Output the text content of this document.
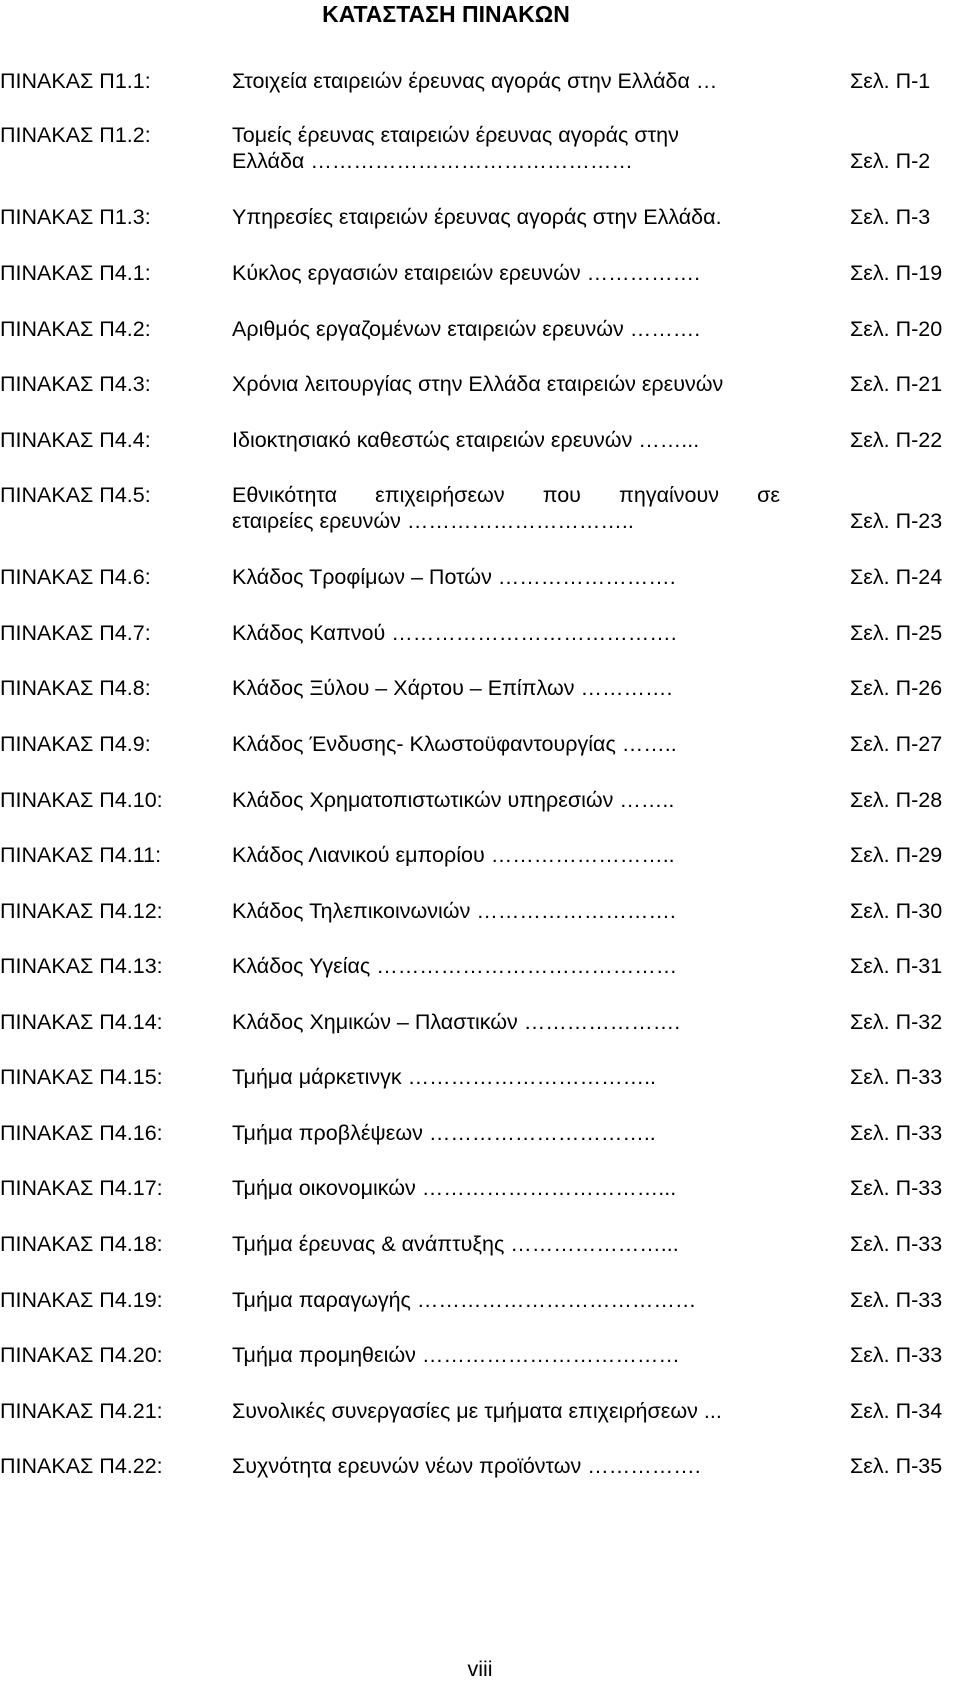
ΚΑΤΑΣΤΑΣΗ ΠΙΝΑΚΩΝ
ΠΙΝΑΚΑΣ Π1.1:	Στοιχεία εταιρειών έρευνας αγοράς στην Ελλάδα …	Σελ. Π-1
ΠΙΝΑΚΑΣ Π1.2:	Τομείς έρευνας εταιρειών έρευνας αγοράς στην
Ελλάδα ………………………………………	Σελ. Π-2
ΠΙΝΑΚΑΣ Π1.3:	Υπηρεσίες εταιρειών έρευνας αγοράς στην Ελλάδα.	Σελ. Π-3
ΠΙΝΑΚΑΣ Π4.1:	Κύκλος εργασιών εταιρειών ερευνών …………….	Σελ. Π-19
ΠΙΝΑΚΑΣ Π4.2:	Αριθμός εργαζομένων εταιρειών ερευνών ……….	Σελ. Π-20
ΠΙΝΑΚΑΣ Π4.3:	Χρόνια λειτουργίας στην Ελλάδα εταιρειών ερευνών	Σελ. Π-21
ΠΙΝΑΚΑΣ Π4.4:	Ιδιοκτησιακό καθεστώς εταιρειών ερευνών ……...	Σελ. Π-22
ΠΙΝΑΚΑΣ Π4.5:	Εθνικότητα επιχειρήσεων που πηγαίνουν σε
εταιρείες ερευνών …………………………..	Σελ. Π-23
ΠΙΝΑΚΑΣ Π4.6:	Κλάδος Τροφίμων – Ποτών …………………….	Σελ. Π-24
ΠΙΝΑΚΑΣ Π4.7:	Κλάδος Καπνού ………………………………….	Σελ. Π-25
ΠΙΝΑΚΑΣ Π4.8:	Κλάδος Ξύλου – Χάρτου – Επίπλων ………….	Σελ. Π-26
ΠΙΝΑΚΑΣ Π4.9:	Κλάδος Ένδυσης- Κλωστοϋφαντουργίας ……..	Σελ. Π-27
ΠΙΝΑΚΑΣ Π4.10:	Κλάδος Χρηματοπιστωτικών υπηρεσιών ……..	Σελ. Π-28
ΠΙΝΑΚΑΣ Π4.11:	Κλάδος Λιανικού εμπορίου ……………………..	Σελ. Π-29
ΠΙΝΑΚΑΣ Π4.12:	Κλάδος Τηλεπικοινωνιών ……………………….	Σελ. Π-30
ΠΙΝΑΚΑΣ Π4.13:	Κλάδος Υγείας ……………………………………	Σελ. Π-31
ΠΙΝΑΚΑΣ Π4.14:	Κλάδος Χημικών – Πλαστικών ………………….	Σελ. Π-32
ΠΙΝΑΚΑΣ Π4.15:	Τμήμα μάρκετινγκ ……………………………..	Σελ. Π-33
ΠΙΝΑΚΑΣ Π4.16:	Τμήμα προβλέψεων …………………………..	Σελ. Π-33
ΠΙΝΑΚΑΣ Π4.17:	Τμήμα οικονομικών ……………………………...	Σελ. Π-33
ΠΙΝΑΚΑΣ Π4.18:	Τμήμα έρευνας & ανάπτυξης …………………...	Σελ. Π-33
ΠΙΝΑΚΑΣ Π4.19:	Τμήμα παραγωγής …………………………………	Σελ. Π-33
ΠΙΝΑΚΑΣ Π4.20:	Τμήμα προμηθειών ………………………………	Σελ. Π-33
ΠΙΝΑΚΑΣ Π4.21:	Συνολικές συνεργασίες με τμήματα επιχειρήσεων ...	Σελ. Π-34
ΠΙΝΑΚΑΣ Π4.22:	Συχνότητα ερευνών νέων προϊόντων …………….	Σελ. Π-35
viii
